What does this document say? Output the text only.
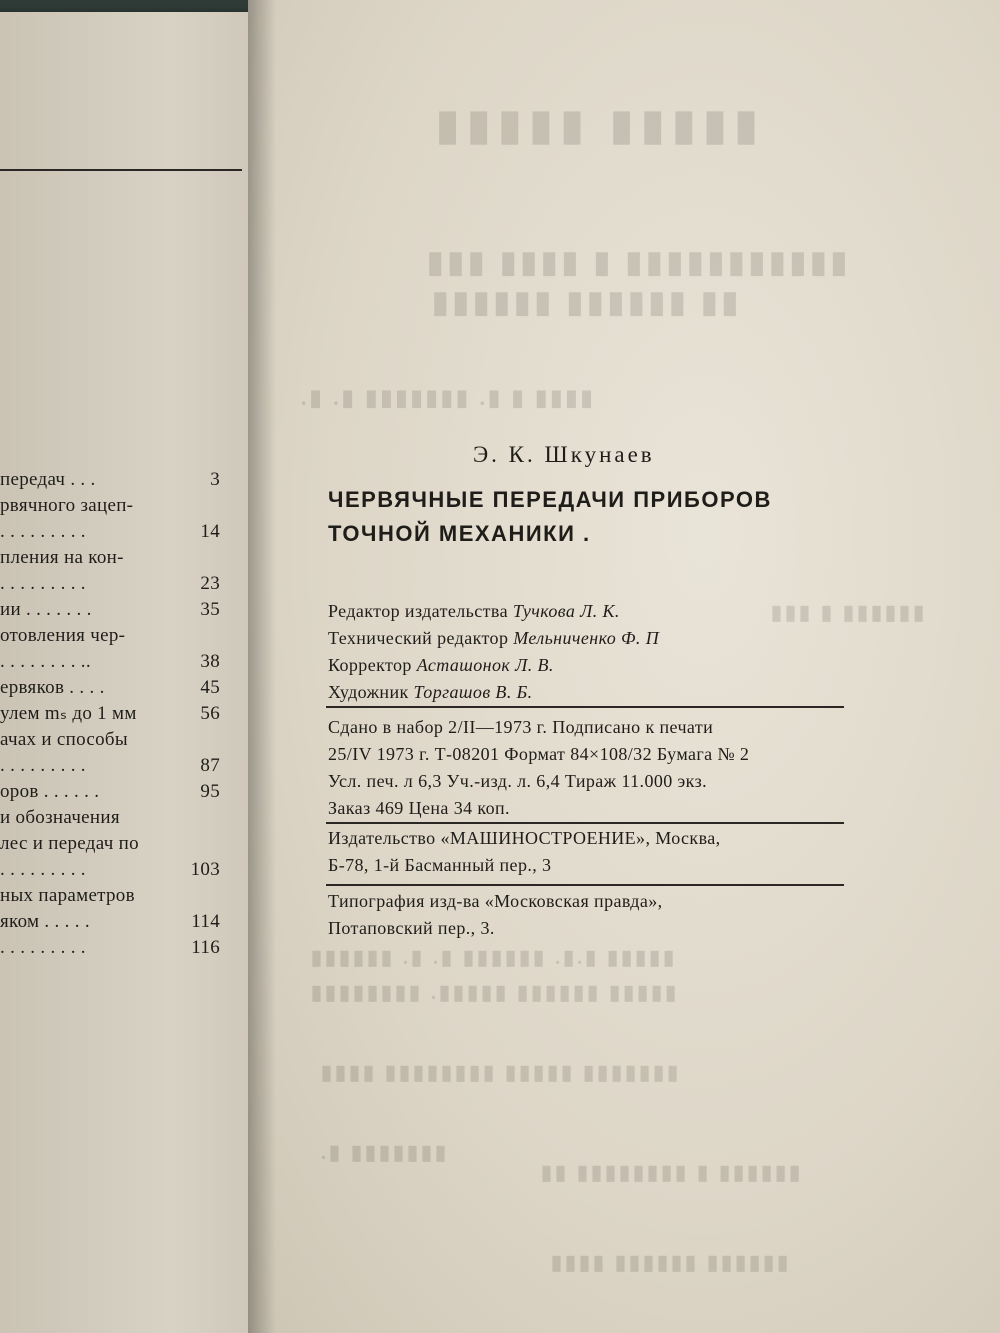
передач . . .	3
рвячного зацеп-
. . . . . . . . .	14
пления на кон-
. . . . . . . . .	23
ии . . . . . . .	35
отовления чер-
. . . . . . . . ..	38
ервяков . . . .	45
улем mₛ до 1 мм	56
ачах и способы
. . . . . . . . .	87
оров . . . . . .	95
и обозначения
лес и передач по
. . . . . . . . .	103
ных параметров
яком . . . . .	114
. . . . . . . . .	116
▮▮▮▮▮ ▮▮▮▮▮
▮▮▮▮▮▮▮▮▮▮▮ ▮ ▮▮▮▮ ▮▮▮
▮▮ ▮▮▮▮▮▮ ▮▮▮▮▮▮
▮▮▮▮ ▮ ▮. ▮▮▮▮▮▮▮ ▮. ▮.
▮▮▮▮▮▮ ▮ ▮▮▮
▮▮▮▮▮ ▮.▮. ▮▮▮▮▮▮ ▮. ▮. ▮▮▮▮▮▮
▮▮▮▮▮ ▮▮▮▮▮▮ ▮▮▮▮▮. ▮▮▮▮▮▮▮▮
▮▮▮▮▮▮▮ ▮▮▮▮▮ ▮▮▮▮▮▮▮▮ ▮▮▮▮
▮▮▮▮▮▮▮ ▮.
▮▮▮▮▮▮ ▮ ▮▮▮▮▮▮▮▮ ▮▮
▮▮▮▮▮▮ ▮▮▮▮▮▮ ▮▮▮▮
Э. К. Шкунаев
ЧЕРВЯЧНЫЕ ПЕРЕДАЧИ ПРИБОРОВ
ТОЧНОЙ МЕХАНИКИ .
Редактор издательства Тучкова Л. К.
Технический редактор Мельниченко Ф. П
Корректор Асташонок Л. В.
Художник Торгашов В. Б.
Сдано в набор 2/II—1973 г. Подписано к печати
25/IV 1973 г. Т-08201 Формат 84×108/32 Бумага № 2
Усл. печ. л 6,3 Уч.-изд. л. 6,4 Тираж 11.000 экз.
Заказ 469 Цена 34 коп.
Издательство «МАШИНОСТРОЕНИЕ», Москва,
Б-78, 1-й Басманный пер., 3
Типография изд-ва «Московская правда»,
Потаповский пер., 3.
